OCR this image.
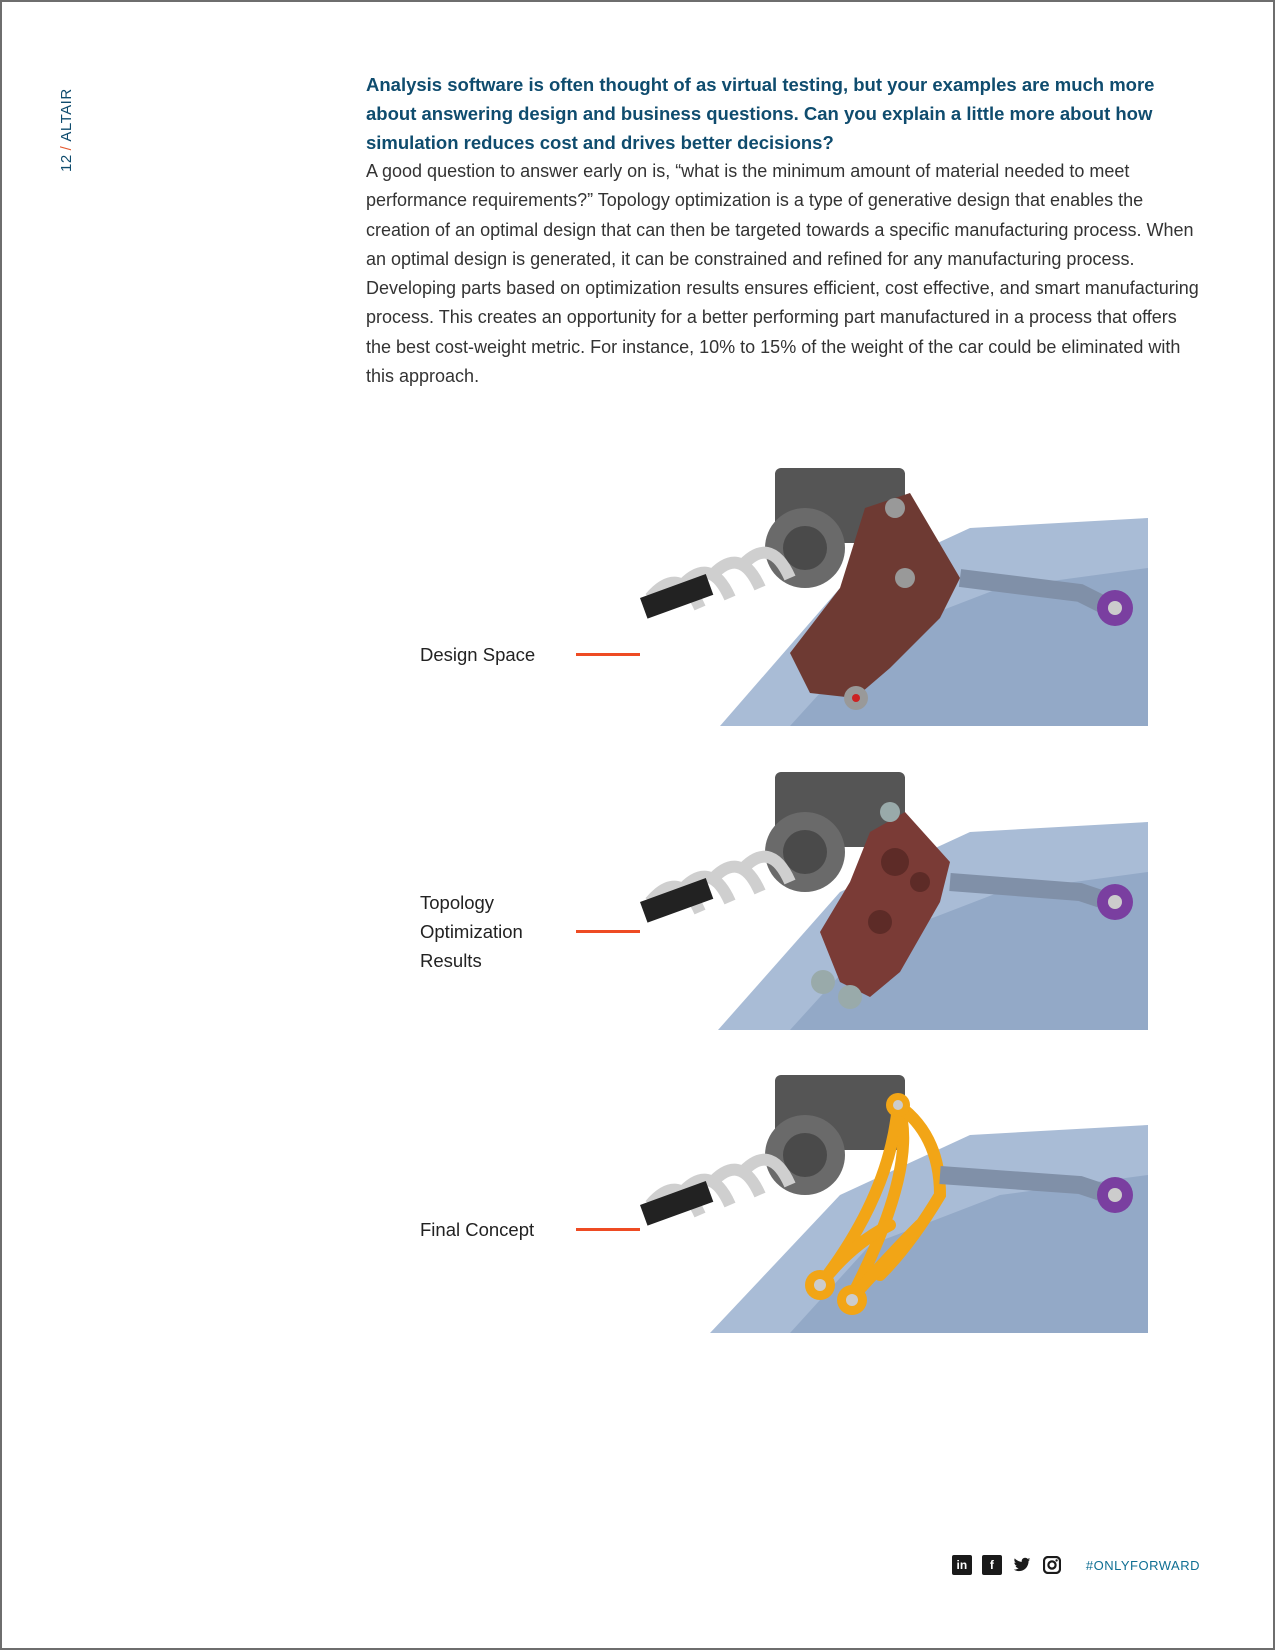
12/ALTAIR
Analysis software is often thought of as virtual testing, but your examples are much more about answering design and business questions. Can you explain a little more about how simulation reduces cost and drives better decisions?
A good question to answer early on is, “what is the minimum amount of material needed to meet performance requirements?” Topology optimization is a type of generative design that enables the creation of an optimal design that can then be targeted towards a specific manufacturing process. When an optimal design is generated, it can be constrained and refined for any manufacturing process. Developing parts based on optimization results ensures efficient, cost effective, and smart manufacturing process. This creates an opportunity for a better performing part manufactured in a process that offers the best cost-weight metric. For instance, 10% to 15% of the weight of the car could be eliminated with this approach.
Design Space
Topology
Optimization
Results
Final Concept
in	f	#ONLYFORWARD
